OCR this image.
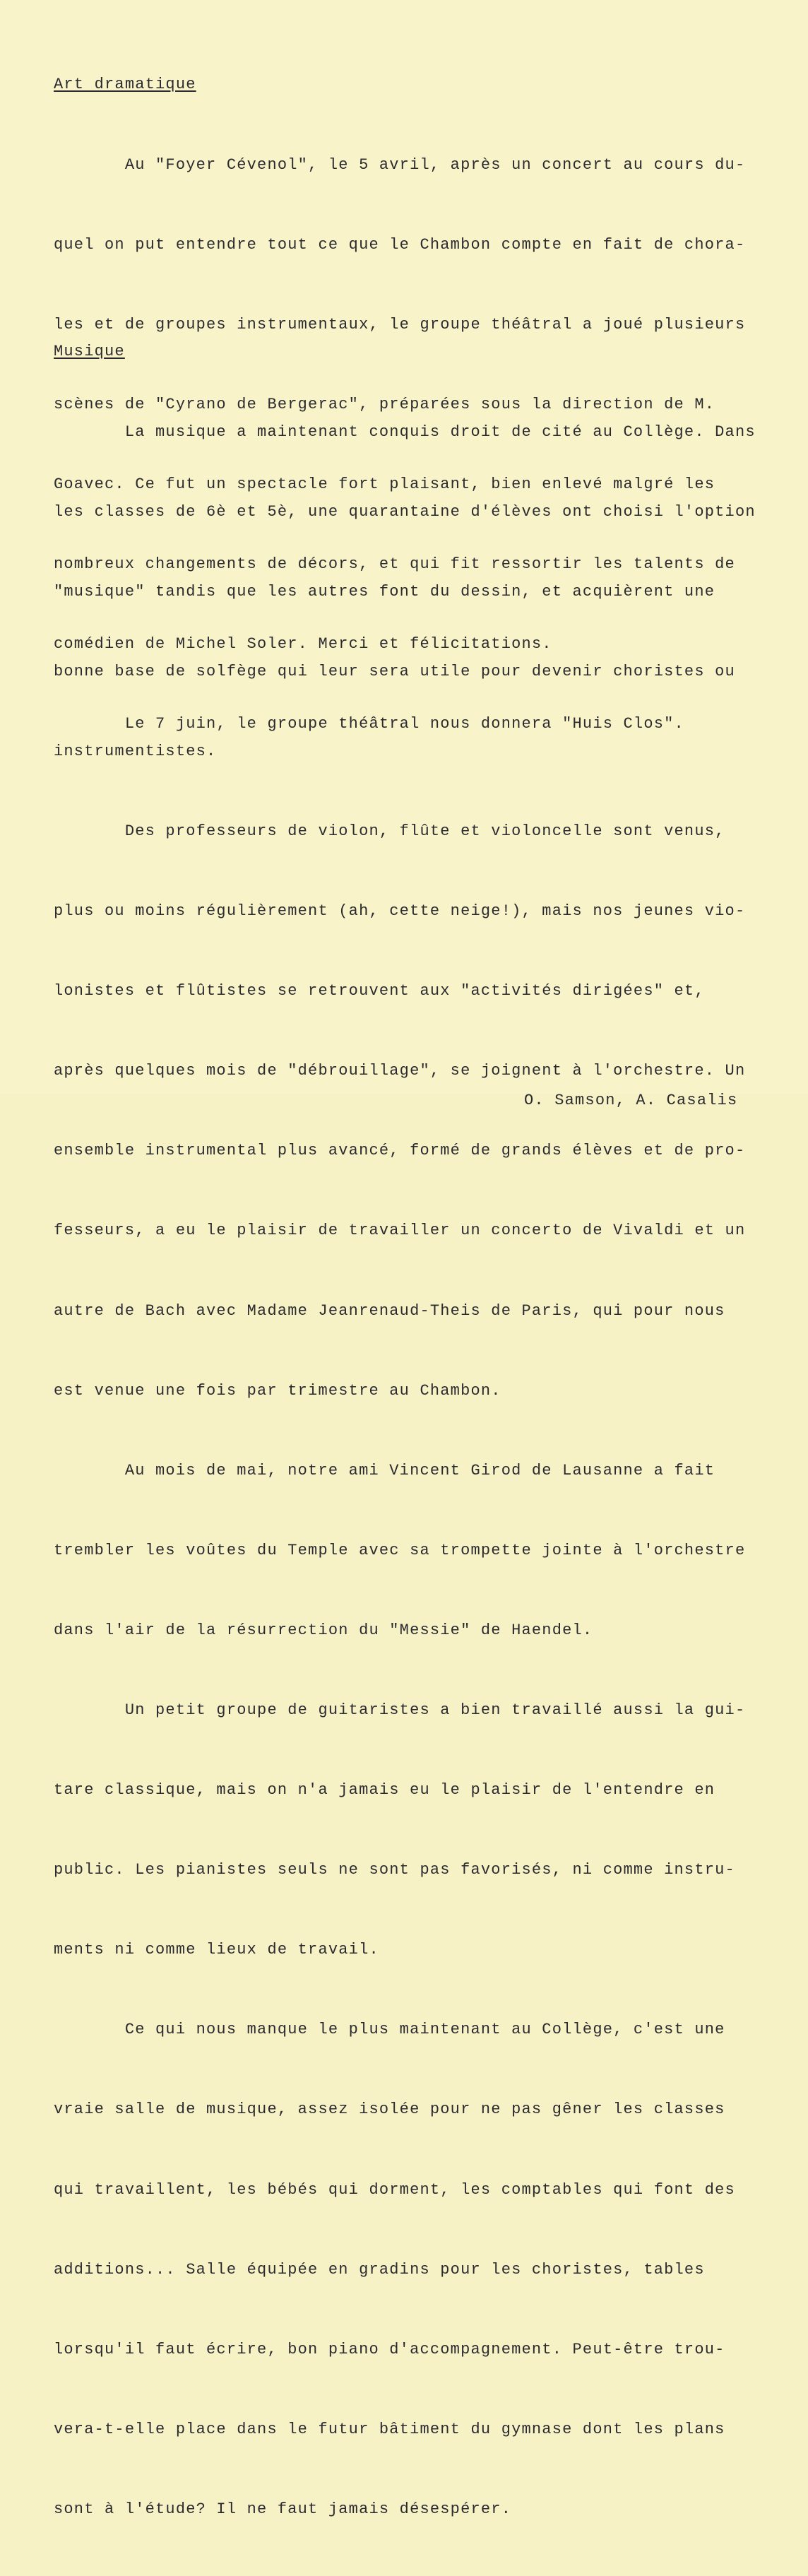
Art dramatique

Au "Foyer Cévenol", le 5 avril, après un concert au cours du-

quel on put entendre tout ce que le Chambon compte en fait de chora-

les et de groupes instrumentaux, le groupe théâtral a joué plusieurs

scènes de "Cyrano de Bergerac", préparées sous la direction de M.

Goavec. Ce fut un spectacle fort plaisant, bien enlevé malgré les

nombreux changements de décors, et qui fit ressortir les talents de

comédien de Michel Soler. Merci et félicitations.

Le 7 juin, le groupe théâtral nous donnera "Huis Clos".

Musique

La musique a maintenant conquis droit de cité au Collège. Dans

les classes de 6è et 5è, une quarantaine d'élèves ont choisi l'option

"musique" tandis que les autres font du dessin, et acquièrent une

bonne base de solfège qui leur sera utile pour devenir choristes ou

instrumentistes.

Des professeurs de violon, flûte et violoncelle sont venus,

plus ou moins régulièrement (ah, cette neige!), mais nos jeunes vio-

lonistes et flûtistes se retrouvent aux "activités dirigées" et,

après quelques mois de "débrouillage", se joignent à l'orchestre. Un

ensemble instrumental plus avancé, formé de grands élèves et de pro-

fesseurs, a eu le plaisir de travailler un concerto de Vivaldi et un

autre de Bach avec Madame Jeanrenaud-Theis de Paris, qui pour nous

est venue une fois par trimestre au Chambon.

Au mois de mai, notre ami Vincent Girod de Lausanne a fait

trembler les voûtes du Temple avec sa trompette jointe à l'orchestre

dans l'air de la résurrection du "Messie" de Haendel.

Un petit groupe de guitaristes a bien travaillé aussi la gui-

tare classique, mais on n'a jamais eu le plaisir de l'entendre en

public. Les pianistes seuls ne sont pas favorisés, ni comme instru-

ments ni comme lieux de travail.

Ce qui nous manque le plus maintenant au Collège, c'est une

vraie salle de musique, assez isolée pour ne pas gêner les classes

qui travaillent, les bébés qui dorment, les comptables qui font des

additions... Salle équipée en gradins pour les choristes, tables

lorsqu'il faut écrire, bon piano d'accompagnement. Peut-être trou-

vera-t-elle place dans le futur bâtiment du gymnase dont les plans

sont à l'étude? Il ne faut jamais désespérer.

O. Samson, A. Casalis
